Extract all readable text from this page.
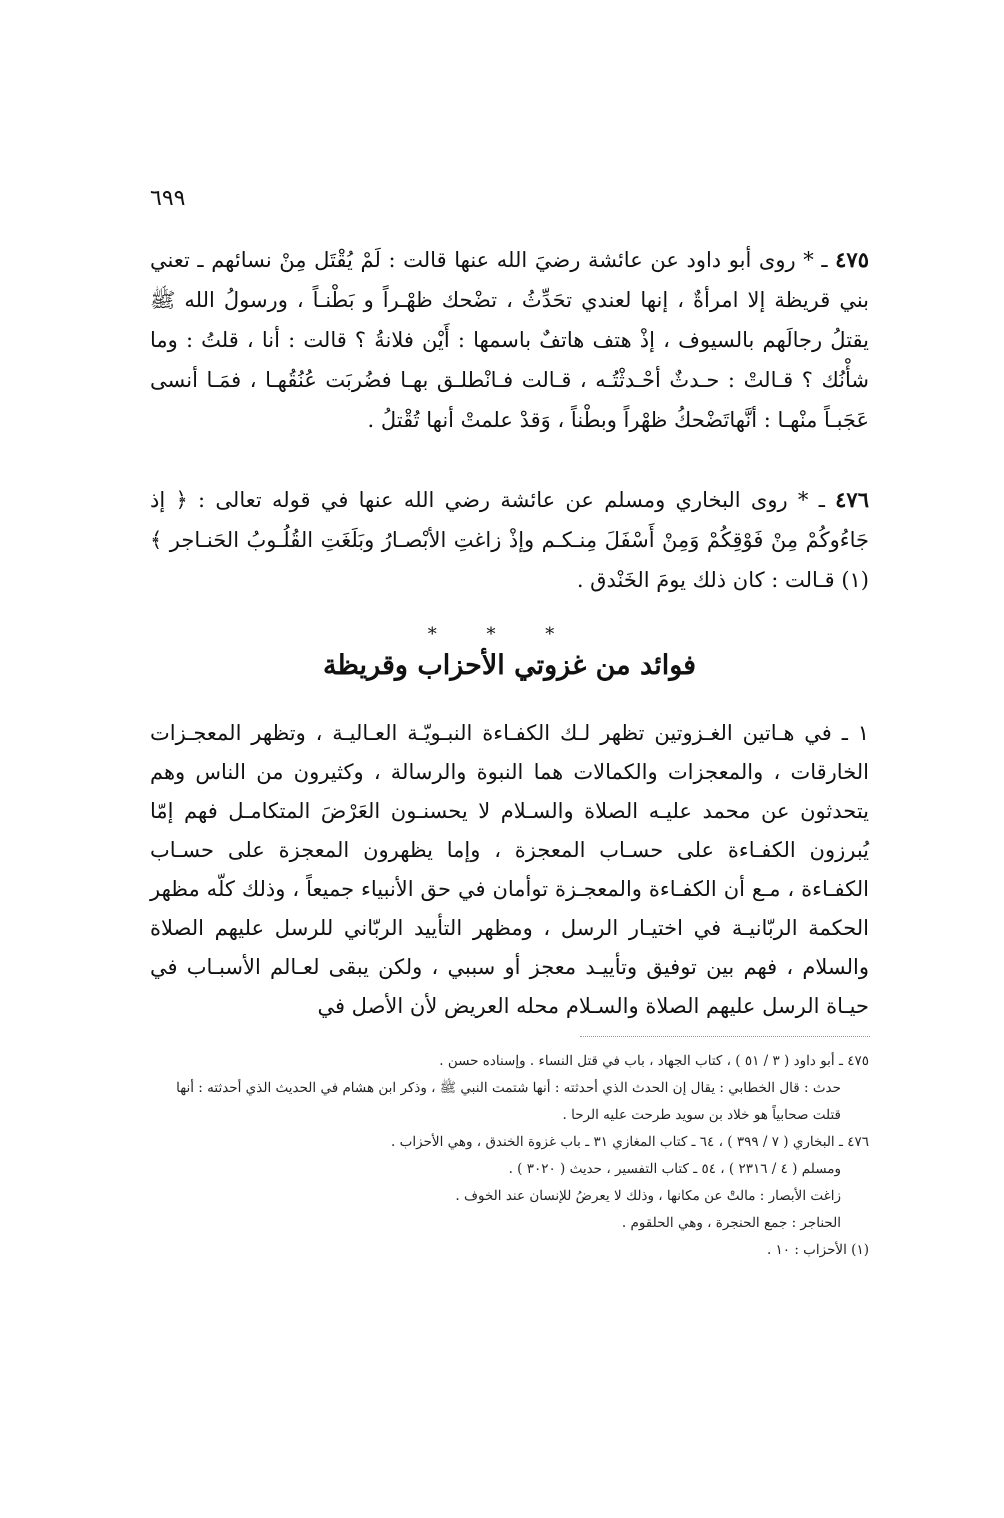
٦٩٩

٤٧٥ ـ * روى أبو داود عن عائشة رضيَ الله عنها قالت : لَمْ يُقْتَل مِنْ نسائهم ـ تعني بني قريظة إلا امرأةٌ ، إنها لعندي تحَدِّثُ ، تضْحك ظهْـراً و بَطْنـاً ، ورسولُ الله ﷺ يقتلُ رجالَهم بالسيوف ، إذْ هتف هاتفٌ باسمها : أَيْن فلانةُ ؟ قالت : أنا ، قلتُ : وما شأْنُك ؟ قـالتْ : حـدثٌ أحْـدثْتُـه ، قـالت فـانْطلـق بهـا فضُربَت عُنُقُهـا ، فمَـا أنسى عَجَبـاً منْهـا : أنَّهاتَضْحكُ ظهْراً وبطْناً ، وَقدْ علمتْ أنها تُقْتلُ .

٤٧٦ ـ * روى البخاري ومسلم عن عائشة رضي الله عنها في قوله تعالى : ﴿ إذ جَاءُوكُمْ مِنْ فَوْقِكُمْ وَمِنْ أَسْفَلَ مِنـكـم وإذْ زاغتِ الأبْصـارُ وبَلَغَتِ القُلُـوبُ الحَنـاجر ﴾ (١) قـالت : كان ذلك يومَ الخَنْدق .

* * *
فوائد من غزوتي الأحزاب وقريظة

١ ـ في هـاتين الغـزوتين تظهر لـك الكفـاءة النبـويّـة العـاليـة ، وتظهر المعجـزات الخارقات ، والمعجزات والكمالات هما النبوة والرسالة ، وكثيرون من الناس وهم يتحدثون عن محمد عليـه الصلاة والسـلام لا يحسنـون العَرْضَ المتكامـل فهم إمّا يُبرزون الكفـاءة على حسـاب المعجزة ، وإما يظهرون المعجزة على حسـاب الكفـاءة ، مـع أن الكفـاءة والمعجـزة توأمان في حق الأنبياء جميعاً ، وذلك كلّه مظهر الحكمة الربّانيـة في اختيـار الرسل ، ومظهر التأييد الربّاني للرسل عليهم الصلاة والسلام ، فهم بين توفيق وتأييـد معجز أو سببي ، ولكن يبقى لعـالم الأسبـاب في حيـاة الرسل عليهم الصلاة والسـلام محله العريض لأن الأصل في

٤٧٥ ـ أبو داود ( ٣ / ٥١ ) ، كتاب الجهاد ، باب في قتل النساء . وإسناده حسن .

حدث : قال الخطابي : يقال إن الحدث الذي أحدثته : أنها شتمت النبي ﷺ ، وذكر ابن هشام في الحديث الذي أحدثته : أنها قتلت صحابياً هو خلاد بن سويد طرحت عليه الرحا .

٤٧٦ ـ البخاري ( ٧ / ٣٩٩ ) ، ٦٤ ـ كتاب المغازي ٣١ ـ باب غزوة الخندق ، وهي الأحزاب .

ومسلم ( ٤ / ٢٣١٦ ) ، ٥٤ ـ كتاب التفسير ، حديث ( ٣٠٢٠ ) .

زاغت الأبصار : مالتْ عن مكانها ، وذلك لا يعرضُ للإنسان عند الخوف .

الحناجر : جمع الحنجرة ، وهي الحلقوم .

(١) الأحزاب : ١٠ .
